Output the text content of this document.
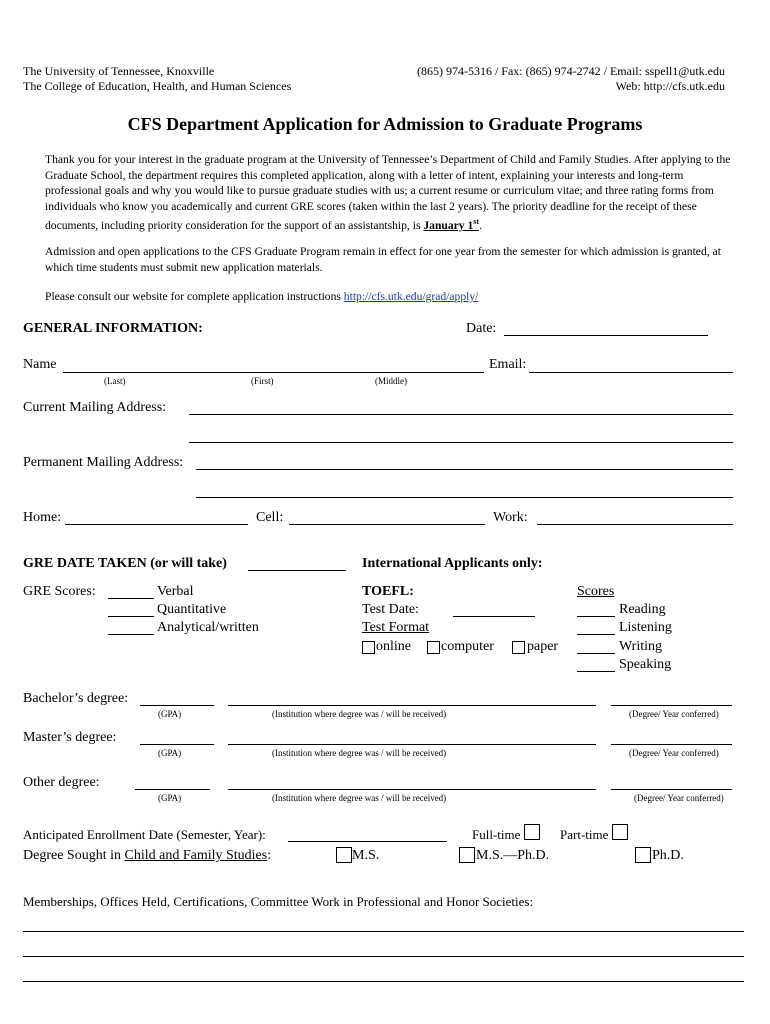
The University of Tennessee, Knoxville
The College of Education, Health, and Human Sciences
(865) 974-5316 / Fax: (865) 974-2742 / Email: sspell1@utk.edu
Web: http://cfs.utk.edu
CFS Department Application for Admission to Graduate Programs
Thank you for your interest in the graduate program at the University of Tennessee’s Department of Child and Family Studies. After applying to the Graduate School, the department requires this completed application, along with a letter of intent, explaining your interests and long-term professional goals and why you would like to pursue graduate studies with us; a current resume or curriculum vitae; and three rating forms from individuals who know you academically and current GRE scores (taken within the last 2 years). The priority deadline for the receipt of these documents, including priority consideration for the support of an assistantship, is January 1st.
Admission and open applications to the CFS Graduate Program remain in effect for one year from the semester for which admission is granted, at which time students must submit new application materials.
Please consult our website for complete application instructions http://cfs.utk.edu/grad/apply/
GENERAL INFORMATION:	Date:
Name	Email:
(Last)	(First)	(Middle)
Current Mailing Address:
Permanent Mailing Address:
Home:	Cell:	Work:
GRE DATE TAKEN (or will take)
GRE Scores:	Verbal
Quantitative
Analytical/written
International Applicants only:
TOEFL:
Test Date:
Test Format
online computer paper
Scores
Reading
Listening
Writing
Speaking
Bachelor’s degree:
(GPA)	(Institution where degree was / will be received)	(Degree/ Year conferred)
Master’s degree:
(GPA)	(Institution where degree was / will be received)	(Degree/ Year conferred)
Other degree:
(GPA)	(Institution where degree was / will be received)	(Degree/ Year conferred)
Anticipated Enrollment Date (Semester, Year):	Full-time	Part-time
Degree Sought in Child and Family Studies:	M.S.	M.S.—Ph.D.	Ph.D.
Memberships, Offices Held, Certifications, Committee Work in Professional and Honor Societies:
